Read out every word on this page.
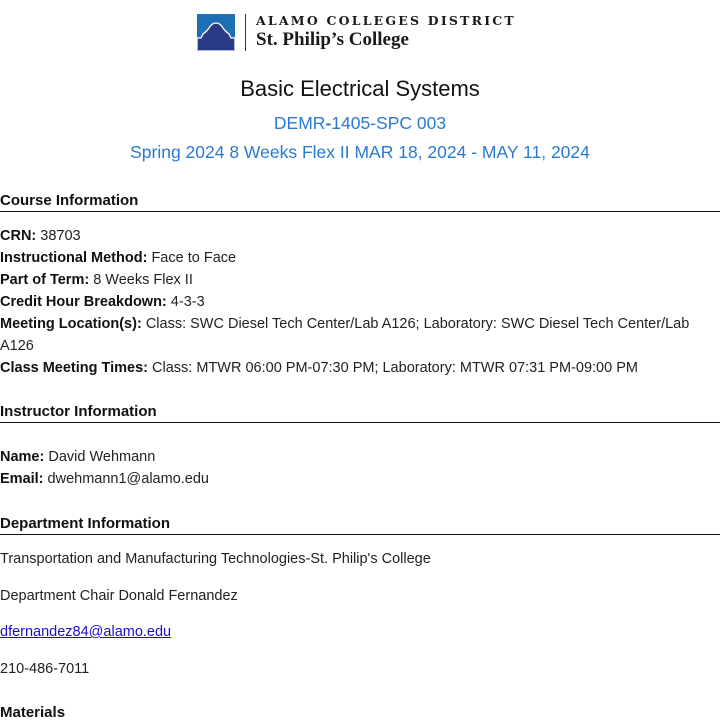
ALAMO COLLEGES DISTRICT
St. Philip’s College
Basic Electrical Systems
DEMR-1405-SPC 003
Spring 2024 8 Weeks Flex II MAR 18, 2024 - MAY 11, 2024
Course Information
CRN: 38703
Instructional Method: Face to Face
Part of Term: 8 Weeks Flex II
Credit Hour Breakdown: 4-3-3
Meeting Location(s): Class: SWC Diesel Tech Center/Lab A126; Laboratory: SWC Diesel Tech Center/Lab A126
Class Meeting Times: Class: MTWR 06:00 PM-07:30 PM; Laboratory: MTWR 07:31 PM-09:00 PM
Instructor Information
Name: David Wehmann
Email: dwehmann1@alamo.edu
Department Information
Transportation and Manufacturing Technologies-St. Philip's College
Department Chair Donald Fernandez
dfernandez84@alamo.edu
210-486-7011
Materials
